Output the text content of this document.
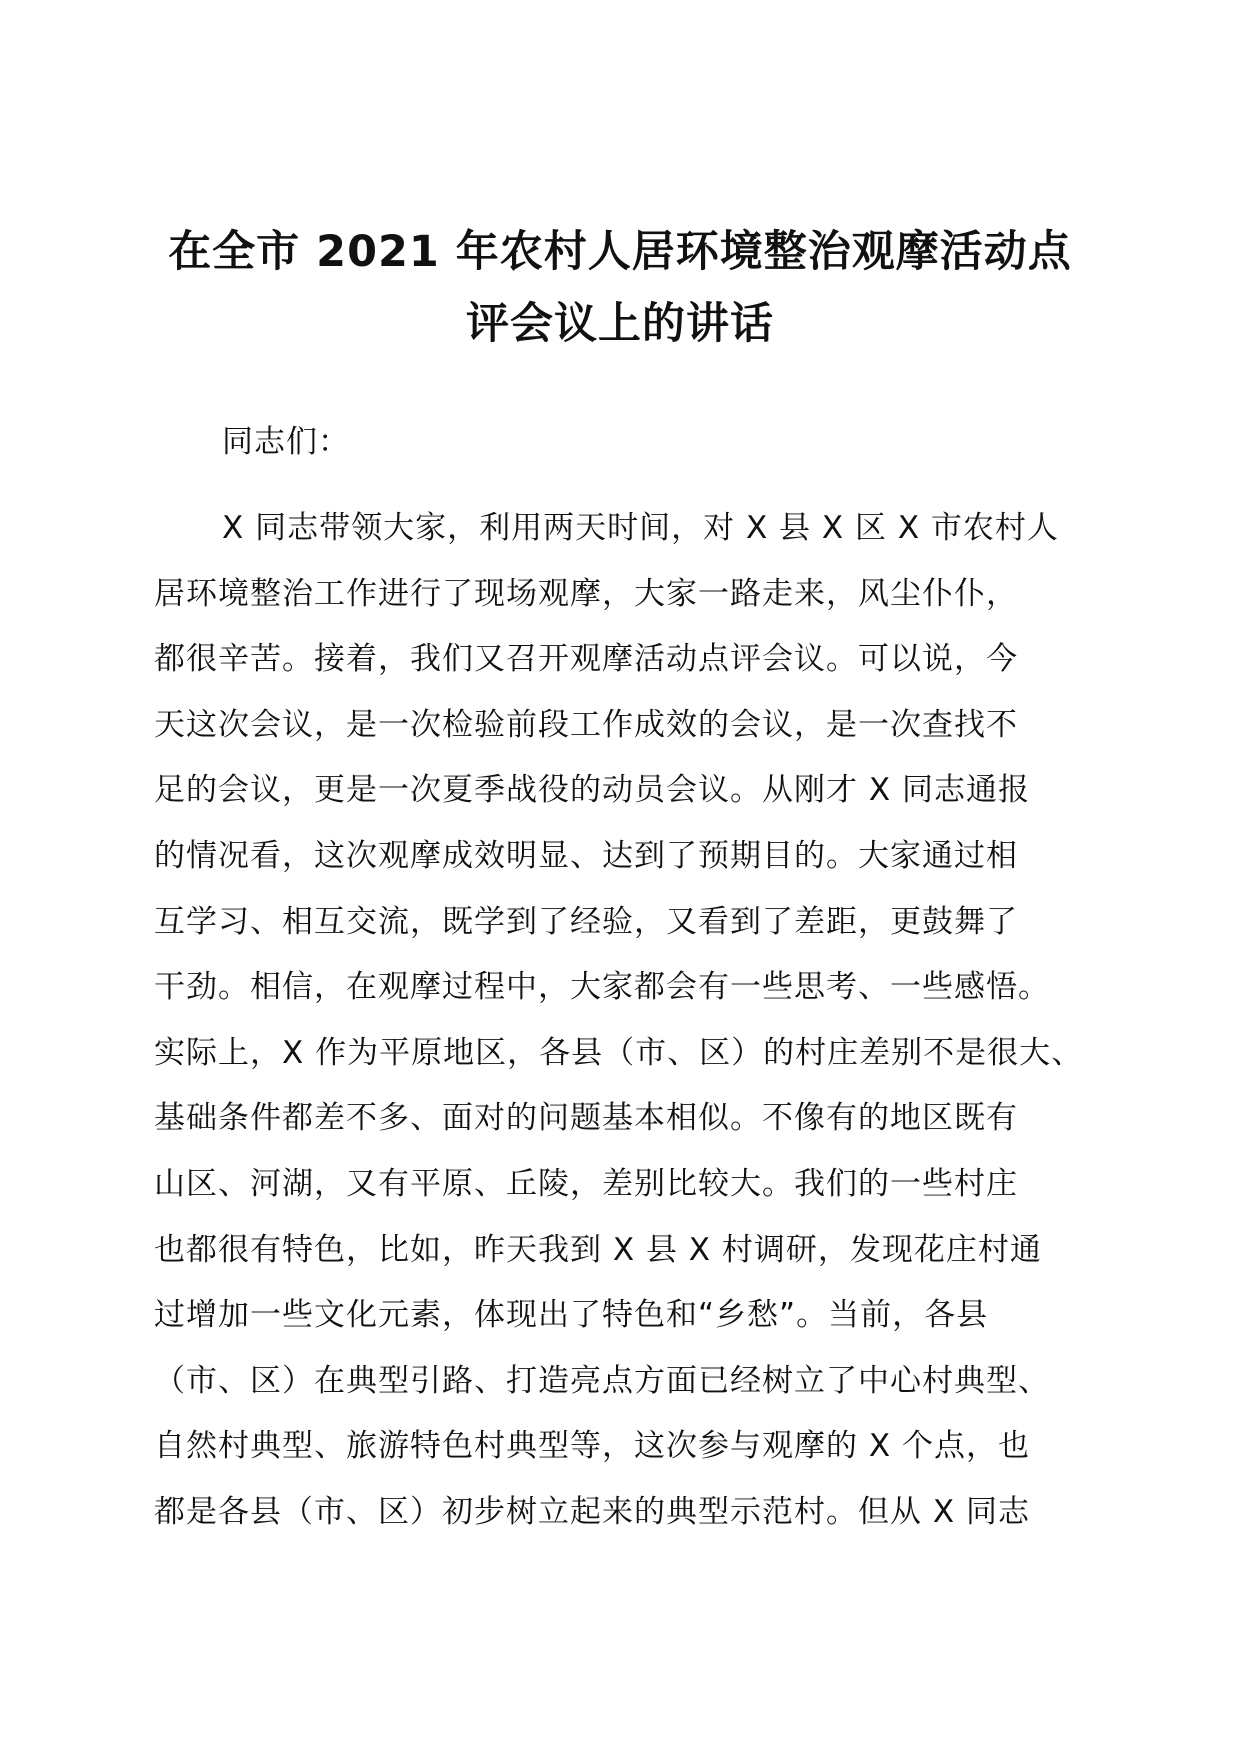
在全市 2021 年农村人居环境整治观摩活动点
评会议上的讲话

同志们：

X 同志带领大家，利用两天时间，对 X 县 X 区 X 市农村人
居环境整治工作进行了现场观摩，大家一路走来，风尘仆仆，
都很辛苦。接着，我们又召开观摩活动点评会议。可以说，今
天这次会议，是一次检验前段工作成效的会议，是一次查找不
足的会议，更是一次夏季战役的动员会议。从刚才 X 同志通报
的情况看，这次观摩成效明显、达到了预期目的。大家通过相
互学习、相互交流，既学到了经验，又看到了差距，更鼓舞了
干劲。相信，在观摩过程中，大家都会有一些思考、一些感悟。
实际上，X 作为平原地区，各县（市、区）的村庄差别不是很大、
基础条件都差不多、面对的问题基本相似。不像有的地区既有
山区、河湖，又有平原、丘陵，差别比较大。我们的一些村庄
也都很有特色，比如，昨天我到 X 县 X 村调研，发现花庄村通
过增加一些文化元素，体现出了特色和“乡愁”。当前，各县
（市、区）在典型引路、打造亮点方面已经树立了中心村典型、
自然村典型、旅游特色村典型等，这次参与观摩的 X 个点，也
都是各县（市、区）初步树立起来的典型示范村。但从 X 同志
